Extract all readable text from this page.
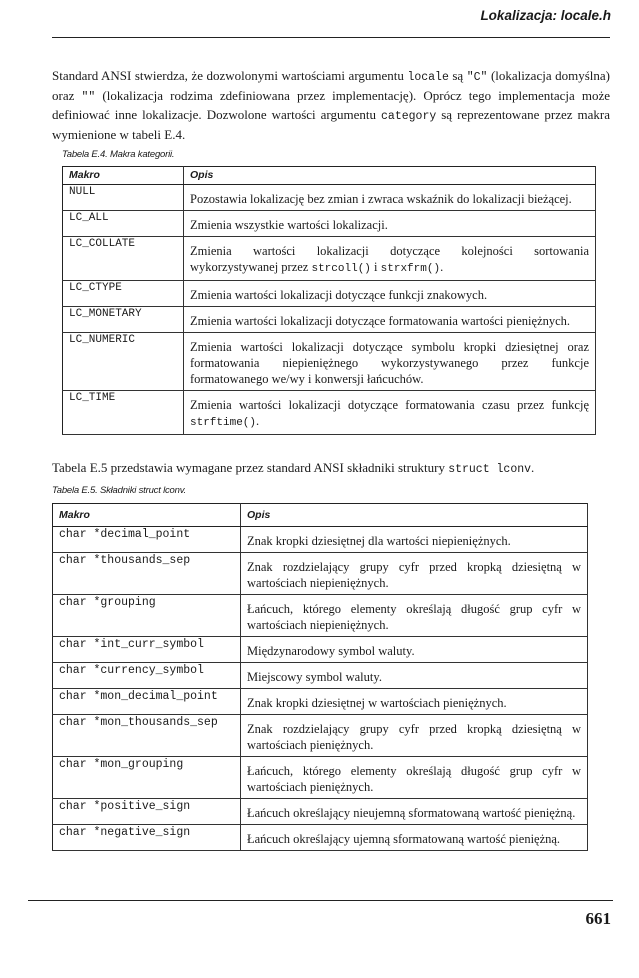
Lokalizacja: locale.h

Standard ANSI stwierdza, że dozwolonymi wartościami argumentu locale są "C" (lokalizacja domyślna) oraz "" (lokalizacja rodzima zdefiniowana przez implementację). Oprócz tego implementacja może definiować inne lokalizacje. Dozwolone wartości argumentu category są reprezentowane przez makra wymienione w tabeli E.4.

Tabela E.4. Makra kategorii.

Makro	Opis
NULL	Pozostawia lokalizację bez zmian i zwraca wskaźnik do lokalizacji bieżącej.
LC_ALL	Zmienia wszystkie wartości lokalizacji.
LC_COLLATE	Zmienia wartości lokalizacji dotyczące kolejności sortowania wykorzystywanej przez strcoll() i strxfrm().
LC_CTYPE	Zmienia wartości lokalizacji dotyczące funkcji znakowych.
LC_MONETARY	Zmienia wartości lokalizacji dotyczące formatowania wartości pieniężnych.
LC_NUMERIC	Zmienia wartości lokalizacji dotyczące symbolu kropki dziesiętnej oraz formatowania niepieniężnego wykorzystywanego przez funkcje formatowanego we/wy i konwersji łańcuchów.
LC_TIME	Zmienia wartości lokalizacji dotyczące formatowania czasu przez funkcję strftime().

Tabela E.5 przedstawia wymagane przez standard ANSI składniki struktury struct lconv.

Tabela E.5. Składniki struct lconv.

Makro	Opis
char *decimal_point	Znak kropki dziesiętnej dla wartości niepieniężnych.
char *thousands_sep	Znak rozdzielający grupy cyfr przed kropką dziesiętną w wartościach niepieniężnych.
char *grouping	Łańcuch, którego elementy określają długość grup cyfr w wartościach niepieniężnych.
char *int_curr_symbol	Międzynarodowy symbol waluty.
char *currency_symbol	Miejscowy symbol waluty.
char *mon_decimal_point	Znak kropki dziesiętnej w wartościach pieniężnych.
char *mon_thousands_sep	Znak rozdzielający grupy cyfr przed kropką dziesiętną w wartościach pieniężnych.
char *mon_grouping	Łańcuch, którego elementy określają długość grup cyfr w wartościach pieniężnych.
char *positive_sign	Łańcuch określający nieujemną sformatowaną wartość pieniężną.
char *negative_sign	Łańcuch określający ujemną sformatowaną wartość pieniężną.
661
